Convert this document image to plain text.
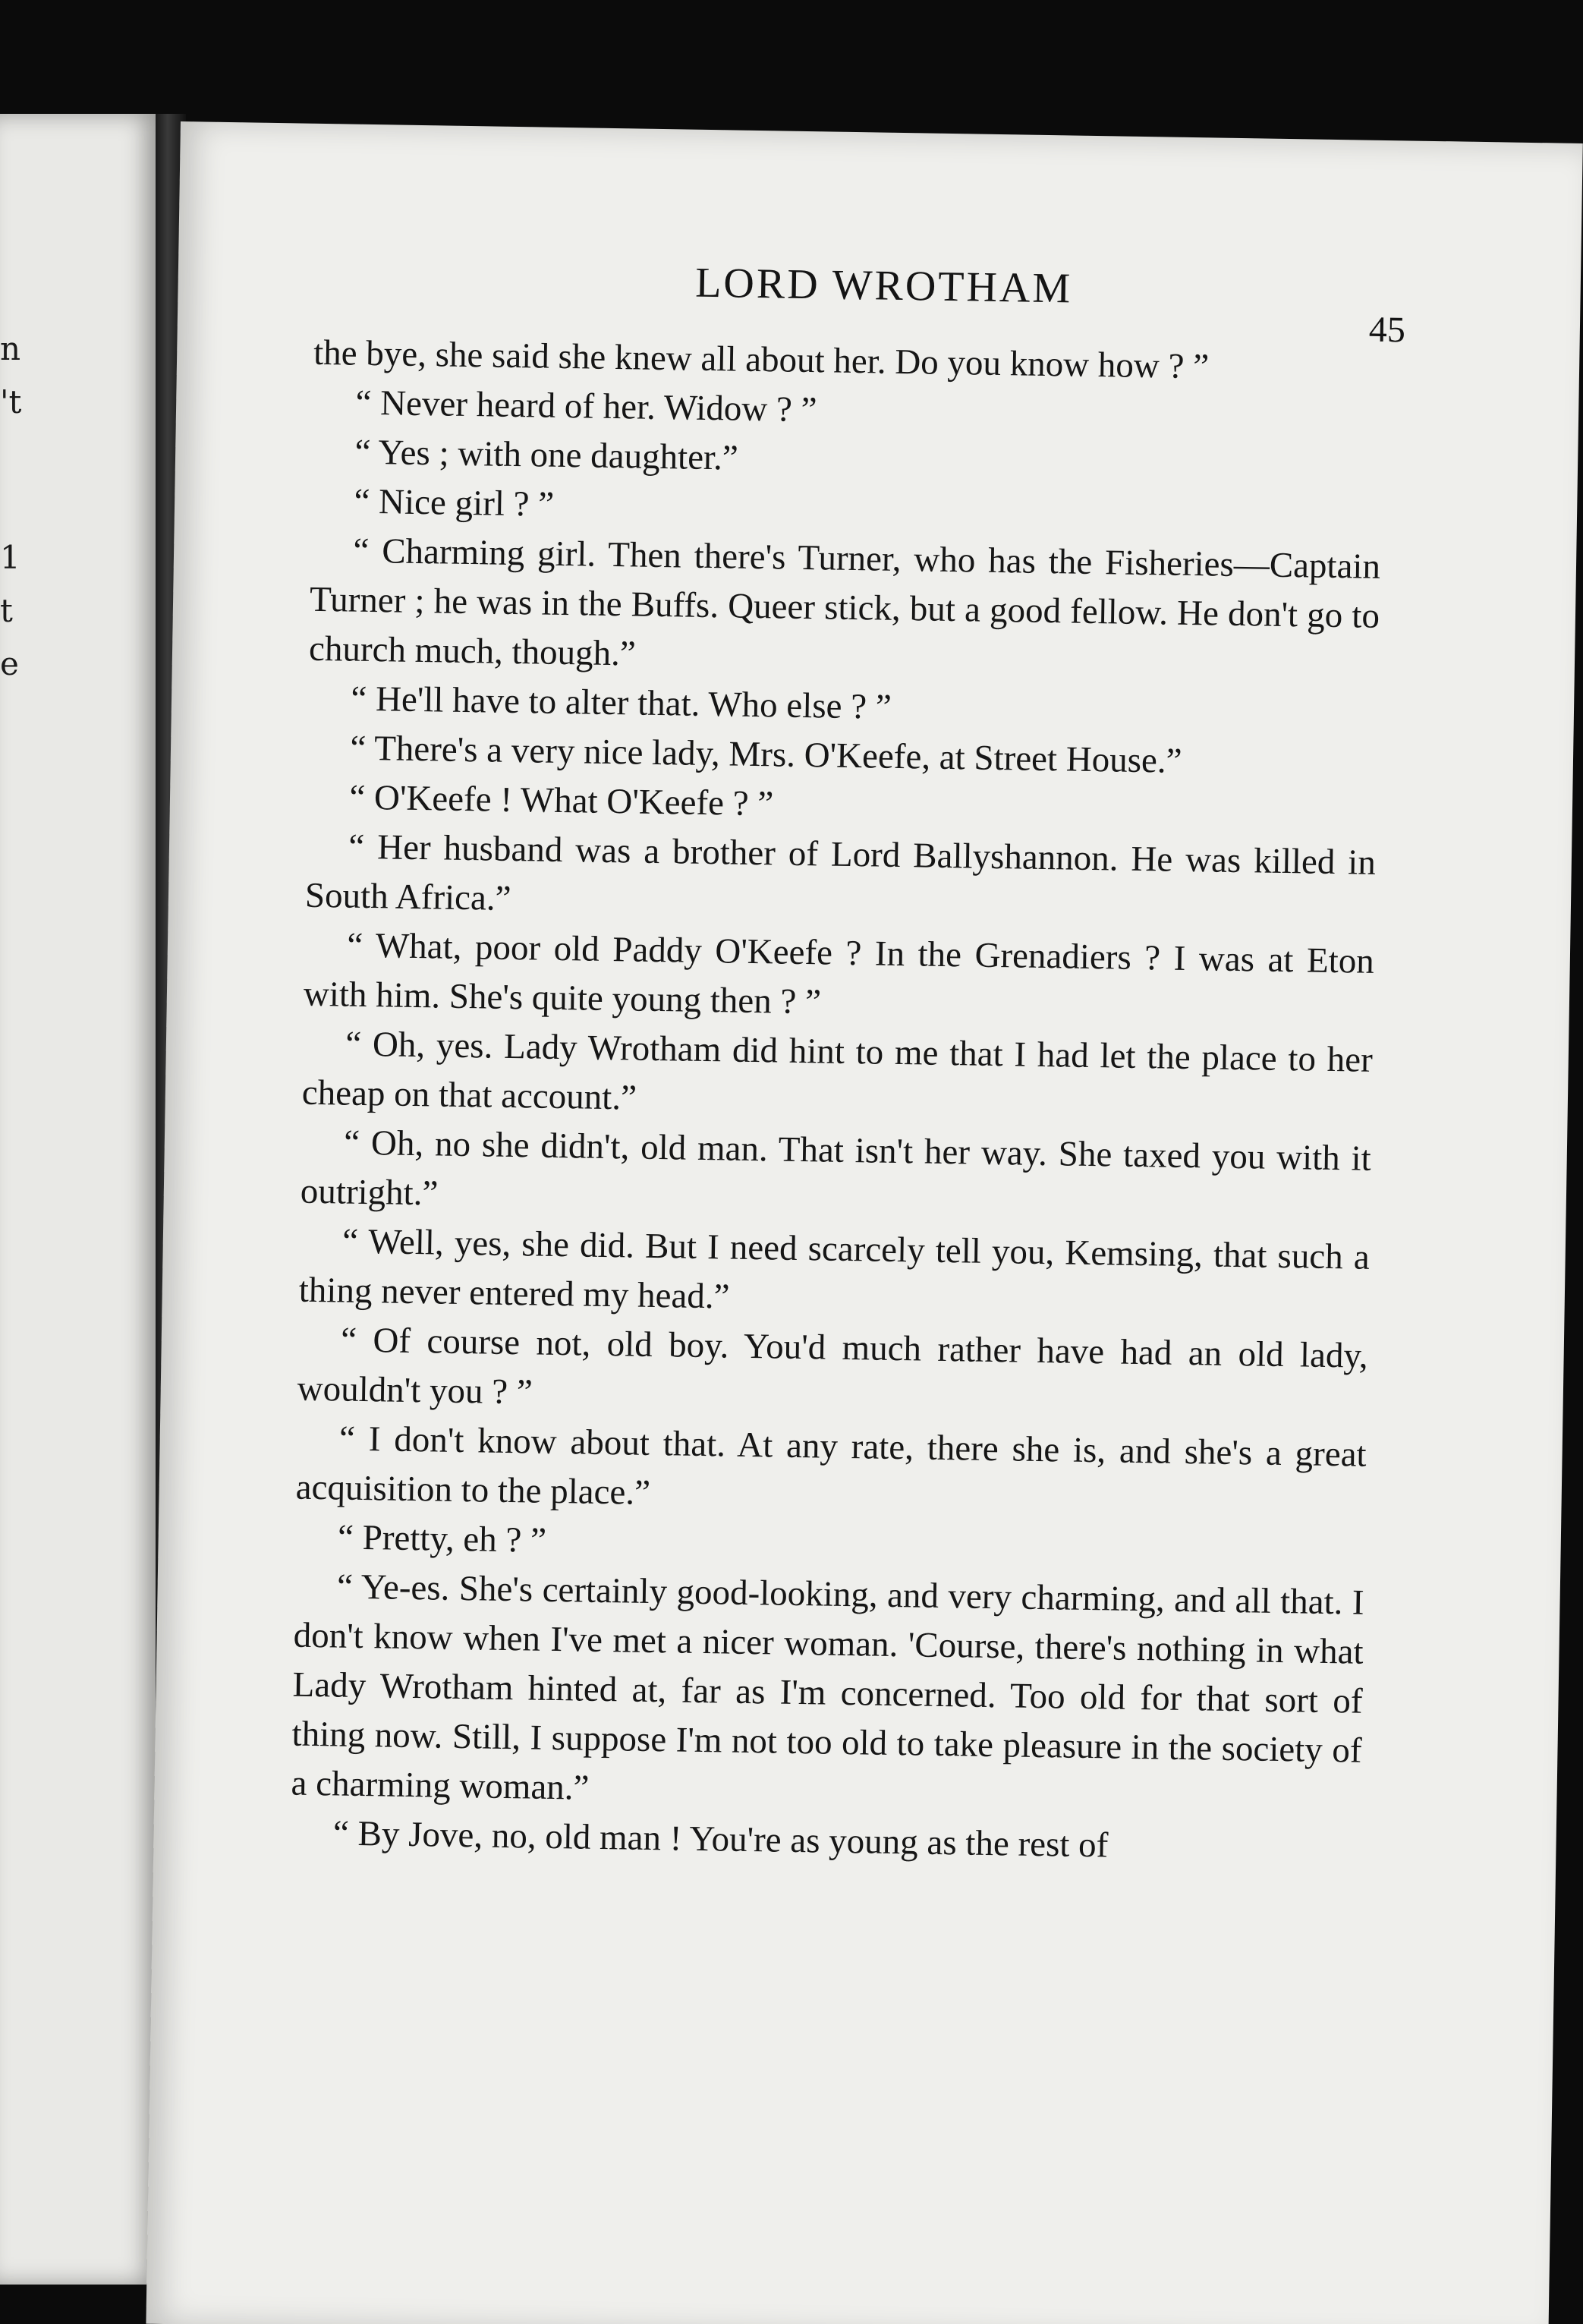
n
't
1
t
e
LORD WROTHAM
45

the bye, she said she knew all about her. Do you know how ? ”

“ Never heard of her. Widow ? ”

“ Yes ; with one daughter.”

“ Nice girl ? ”

“ Charming girl. Then there's Turner, who has the Fisheries—Captain Turner ; he was in the Buffs. Queer stick, but a good fellow. He don't go to church much, though.”

“ He'll have to alter that. Who else ? ”

“ There's a very nice lady, Mrs. O'Keefe, at Street House.”

“ O'Keefe ! What O'Keefe ? ”

“ Her husband was a brother of Lord Ballyshannon. He was killed in South Africa.”

“ What, poor old Paddy O'Keefe ? In the Grenadiers ? I was at Eton with him. She's quite young then ? ”

“ Oh, yes. Lady Wrotham did hint to me that I had let the place to her cheap on that account.”

“ Oh, no she didn't, old man. That isn't her way. She taxed you with it outright.”

“ Well, yes, she did. But I need scarcely tell you, Kemsing, that such a thing never entered my head.”

“ Of course not, old boy. You'd much rather have had an old lady, wouldn't you ? ”

“ I don't know about that. At any rate, there she is, and she's a great acquisition to the place.”

“ Pretty, eh ? ”

“ Ye-es. She's certainly good-looking, and very charming, and all that. I don't know when I've met a nicer woman. 'Course, there's nothing in what Lady Wrotham hinted at, far as I'm concerned. Too old for that sort of thing now. Still, I suppose I'm not too old to take pleasure in the society of a charming woman.”

“ By Jove, no, old man ! You're as young as the rest of
